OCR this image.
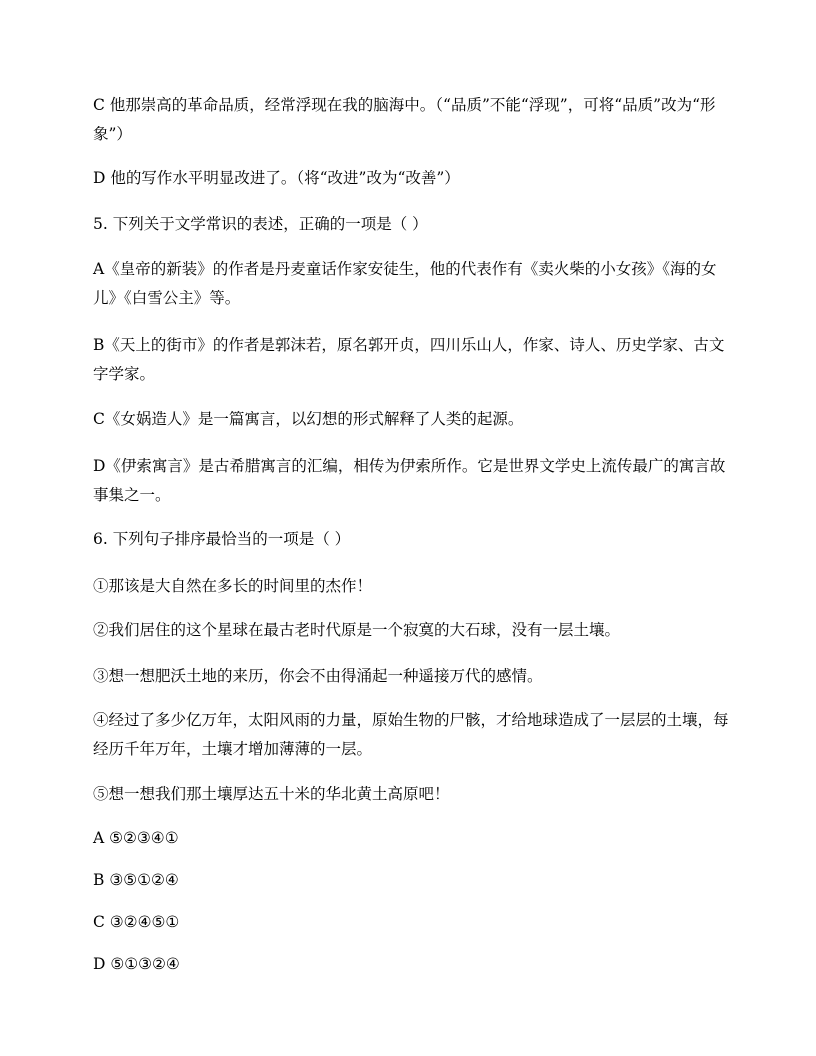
C 他那崇高的革命品质，经常浮现在我的脑海中。（“品质”不能“浮现”，可将“品质”改为“形象”）

D 他的写作水平明显改进了。（将“改进”改为“改善”）

5. 下列关于文学常识的表述，正确的一项是（ ）

A《皇帝的新装》的作者是丹麦童话作家安徒生，他的代表作有《卖火柴的小女孩》《海的女儿》《白雪公主》等。

B《天上的街市》的作者是郭沫若，原名郭开贞，四川乐山人，作家、诗人、历史学家、古文字学家。

C《女娲造人》是一篇寓言，以幻想的形式解释了人类的起源。

D《伊索寓言》是古希腊寓言的汇编，相传为伊索所作。它是世界文学史上流传最广的寓言故事集之一。

6. 下列句子排序最恰当的一项是（ ）

①那该是大自然在多长的时间里的杰作！

②我们居住的这个星球在最古老时代原是一个寂寞的大石球，没有一层土壤。

③想一想肥沃土地的来历，你会不由得涌起一种遥接万代的感情。

④经过了多少亿万年，太阳风雨的力量，原始生物的尸骸，才给地球造成了一层层的土壤，每经历千年万年，土壤才增加薄薄的一层。

⑤想一想我们那土壤厚达五十米的华北黄土高原吧！

A ⑤②③④①

B ③⑤①②④

C ③②④⑤①

D ⑤①③②④
